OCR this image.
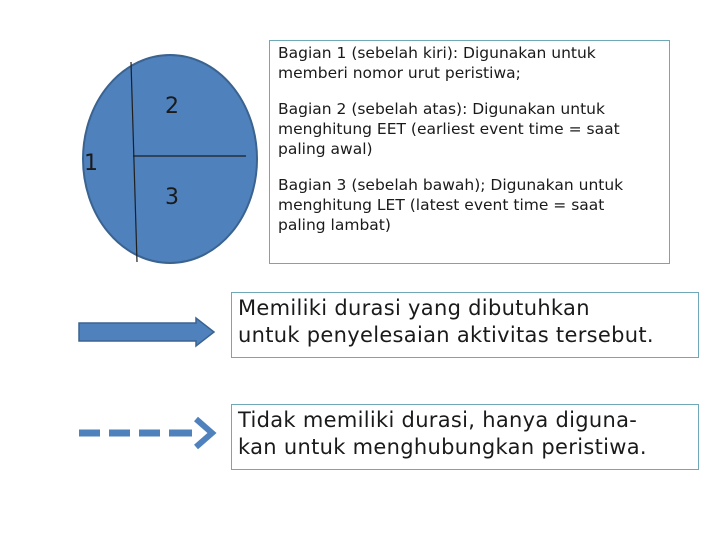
1
2
3

Bagian 1 (sebelah kiri): Digunakan untuk
memberi nomor urut peristiwa;

Bagian 2 (sebelah atas): Digunakan untuk
menghitung EET (earliest event time = saat
paling awal)

Bagian 3 (sebelah bawah); Digunakan untuk
menghitung LET (latest event time = saat
paling lambat)

Memiliki durasi yang dibutuhkan
untuk penyelesaian aktivitas tersebut.

Tidak memiliki durasi, hanya diguna-
kan untuk menghubungkan peristiwa.
